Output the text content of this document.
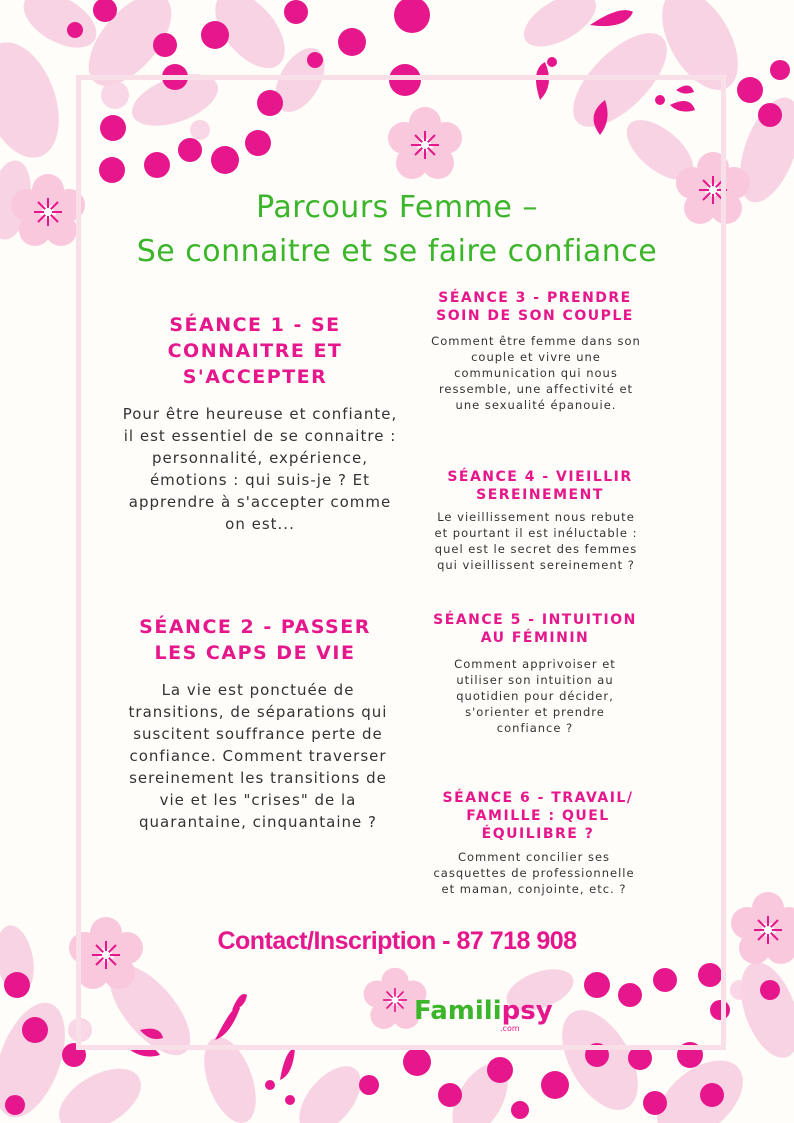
Parcours Femme –
Se connaitre et se faire confiance
SÉANCE 1 - SE CONNAITRE ET S'ACCEPTER
Pour être heureuse et confiante, il est essentiel de se connaitre : personnalité, expérience, émotions : qui suis-je ? Et apprendre à s'accepter comme on est...
SÉANCE 2 - PASSER LES CAPS DE VIE
La vie est ponctuée de transitions, de séparations qui suscitent souffrance perte de confiance. Comment traverser sereinement les transitions de vie et les "crises" de la quarantaine, cinquantaine ?
SÉANCE 3 - PRENDRE SOIN DE SON COUPLE
Comment être femme dans son couple et vivre une communication qui nous ressemble, une affectivité et une sexualité épanouie.
SÉANCE 4 - VIEILLIR SEREINEMENT
Le vieillissement nous rebute et pourtant il est inéluctable : quel est le secret des femmes qui vieillissent sereinement ?
SÉANCE 5 - INTUITION AU FÉMININ
Comment apprivoiser et utiliser son intuition au quotidien pour décider, s'orienter et prendre confiance ?
SÉANCE 6 - TRAVAIL/ FAMILLE : QUEL ÉQUILIBRE ?
Comment concilier ses casquettes de professionnelle et maman, conjointe, etc. ?
Contact/Inscription - 87 718 908
Familipsy
.com
